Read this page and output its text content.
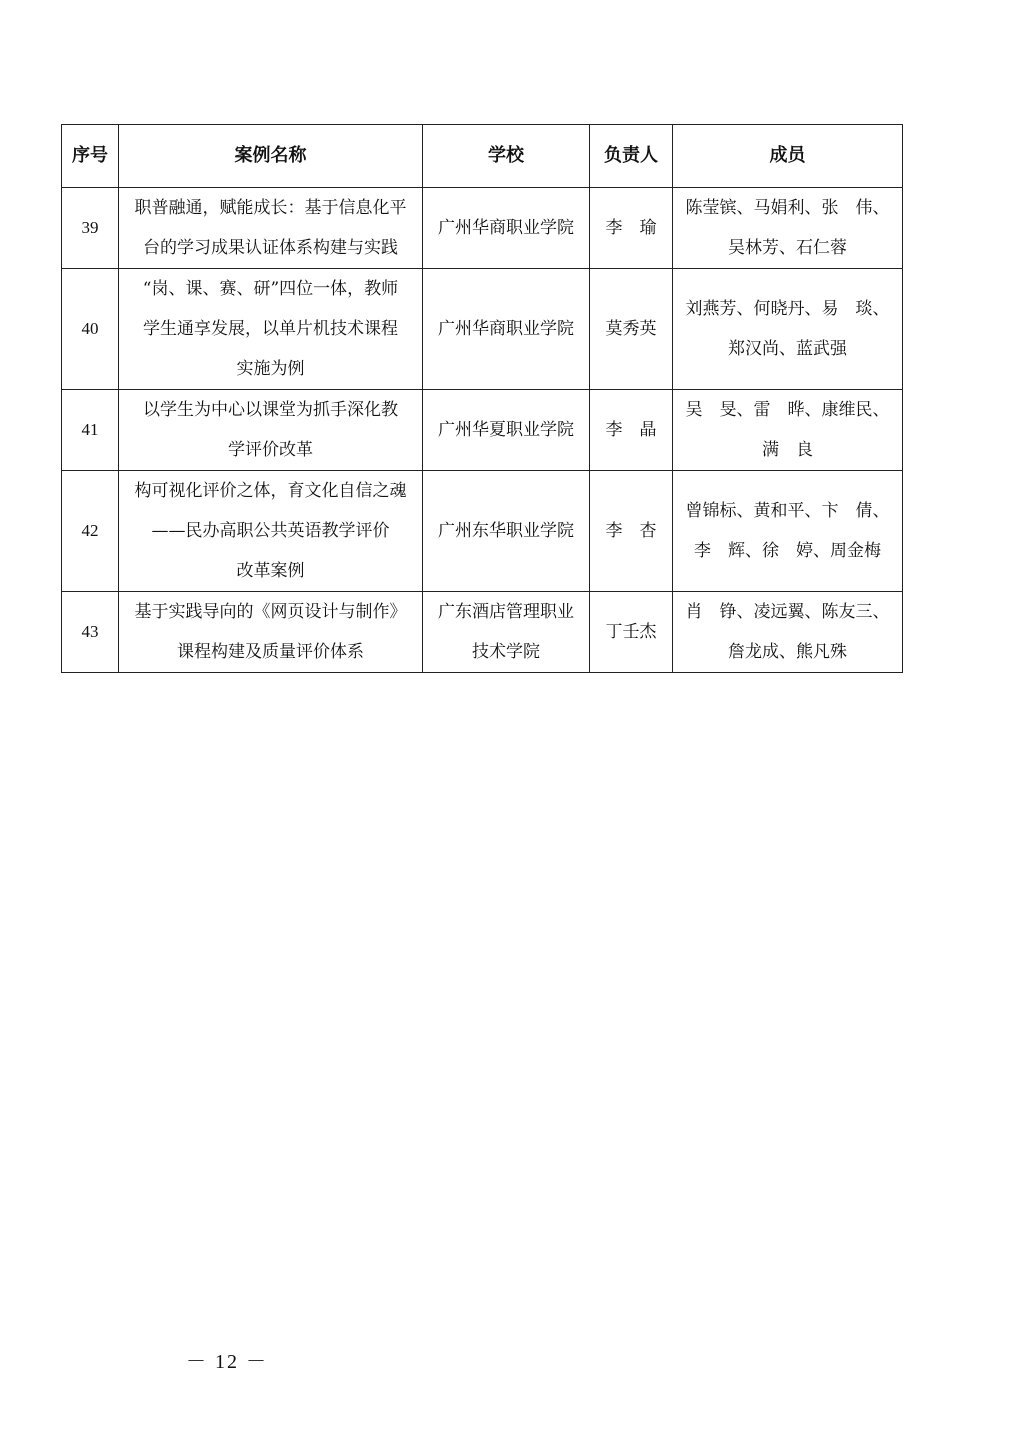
序号	案例名称	学校	负责人	成员
39	职普融通，赋能成长：基于信息化平
台的学习成果认证体系构建与实践	广州华商职业学院	李　瑜	陈莹镔、马娟利、张　伟、
吴林芳、石仁蓉

40	“岗、课、赛、研”四位一体，教师
学生通享发展，以单片机技术课程
实施为例	广州华商职业学院	莫秀英	刘燕芳、何晓丹、易　琰、
郑汉尚、蓝武强

41	以学生为中心以课堂为抓手深化教
学评价改革	广州华夏职业学院	李　晶	吴　旻、雷　晔、康维民、
满　良

42	构可视化评价之体，育文化自信之魂
——民办高职公共英语教学评价
改革案例	广州东华职业学院	李　杏	曾锦标、黄和平、卞　倩、
李　辉、徐　婷、周金梅

43	基于实践导向的《网页设计与制作》
课程构建及质量评价体系	广东酒店管理职业
技术学院	丁壬杰	肖　铮、凌远翼、陈友三、
詹龙成、熊凡殊
－ 12 －
